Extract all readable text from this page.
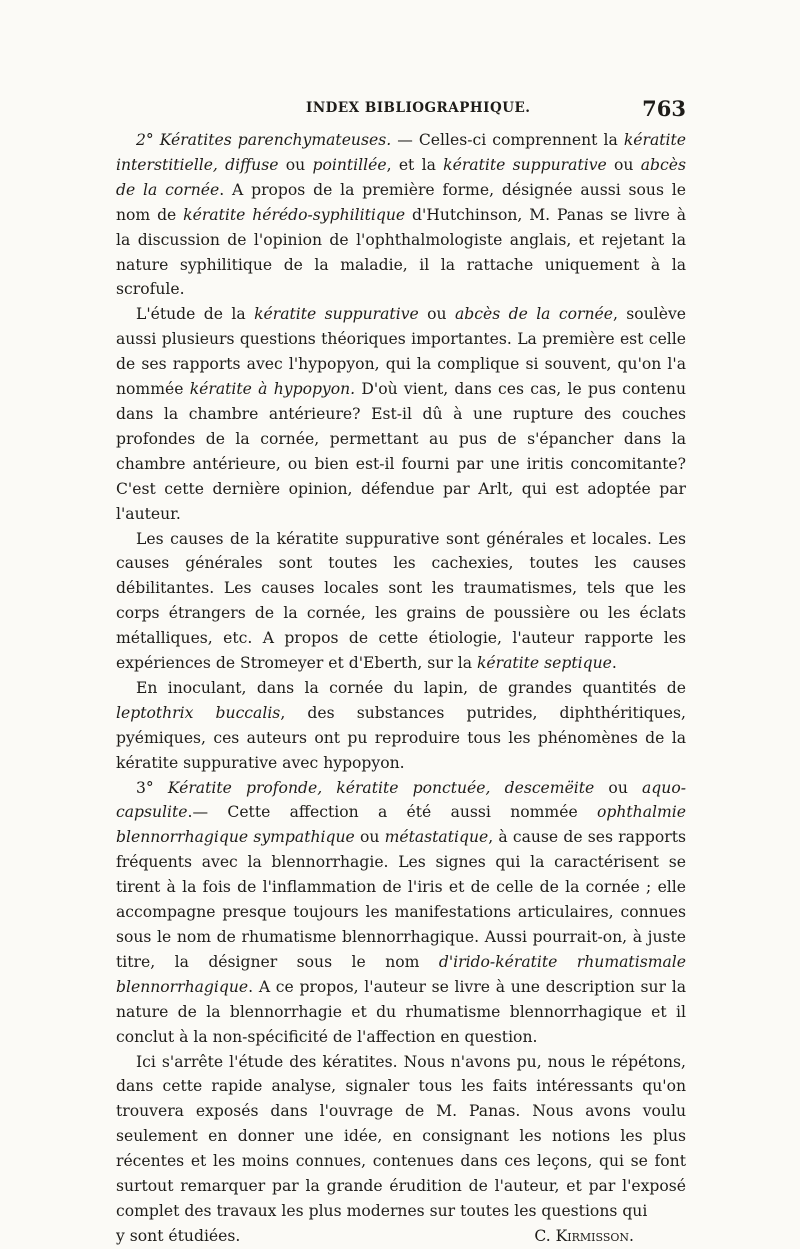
INDEX BIBLIOGRAPHIQUE.	763

2° Kératites parenchymateuses. — Celles-ci comprennent la kératite interstitielle, diffuse ou pointillée, et la kératite suppurative ou abcès de la cornée. A propos de la première forme, désignée aussi sous le nom de kératite hérédo-syphilitique d'Hutchinson, M. Panas se livre à la discussion de l'opinion de l'ophthalmologiste anglais, et rejetant la nature syphilitique de la maladie, il la rattache uniquement à la scrofule.

L'étude de la kératite suppurative ou abcès de la cornée, soulève aussi plusieurs questions théoriques importantes. La première est celle de ses rapports avec l'hypopyon, qui la complique si souvent, qu'on l'a nommée kératite à hypopyon. D'où vient, dans ces cas, le pus contenu dans la chambre antérieure? Est-il dû à une rupture des couches profondes de la cornée, permettant au pus de s'épancher dans la chambre antérieure, ou bien est-il fourni par une iritis concomitante? C'est cette dernière opinion, défendue par Arlt, qui est adoptée par l'auteur.

Les causes de la kératite suppurative sont générales et locales. Les causes générales sont toutes les cachexies, toutes les causes débilitantes. Les causes locales sont les traumatismes, tels que les corps étrangers de la cornée, les grains de poussière ou les éclats métalliques, etc. A propos de cette étiologie, l'auteur rapporte les expériences de Stromeyer et d'Eberth, sur la kératite septique.

En inoculant, dans la cornée du lapin, de grandes quantités de leptothrix buccalis, des substances putrides, diphthéritiques, pyémiques, ces auteurs ont pu reproduire tous les phénomènes de la kératite suppurative avec hypopyon.

3° Kératite profonde, kératite ponctuée, descemëite ou aquo-capsulite.— Cette affection a été aussi nommée ophthalmie blennorrhagique sympathique ou métastatique, à cause de ses rapports fréquents avec la blennorrhagie. Les signes qui la caractérisent se tirent à la fois de l'inflammation de l'iris et de celle de la cornée ; elle accompagne presque toujours les manifestations articulaires, connues sous le nom de rhumatisme blennorrhagique. Aussi pourrait-on, à juste titre, la désigner sous le nom d'irido-kératite rhumatismale blennorrhagique. A ce propos, l'auteur se livre à une description sur la nature de la blennorrhagie et du rhumatisme blennorrhagique et il conclut à la non-spécificité de l'affection en question.

Ici s'arrête l'étude des kératites. Nous n'avons pu, nous le répétons, dans cette rapide analyse, signaler tous les faits intéressants qu'on trouvera exposés dans l'ouvrage de M. Panas. Nous avons voulu seulement en donner une idée, en consignant les notions les plus récentes et les moins connues, contenues dans ces leçons, qui se font surtout remarquer par la grande érudition de l'auteur, et par l'exposé complet des travaux les plus modernes sur toutes les questions qui

y sont étudiées.	C. Kirmisson.
